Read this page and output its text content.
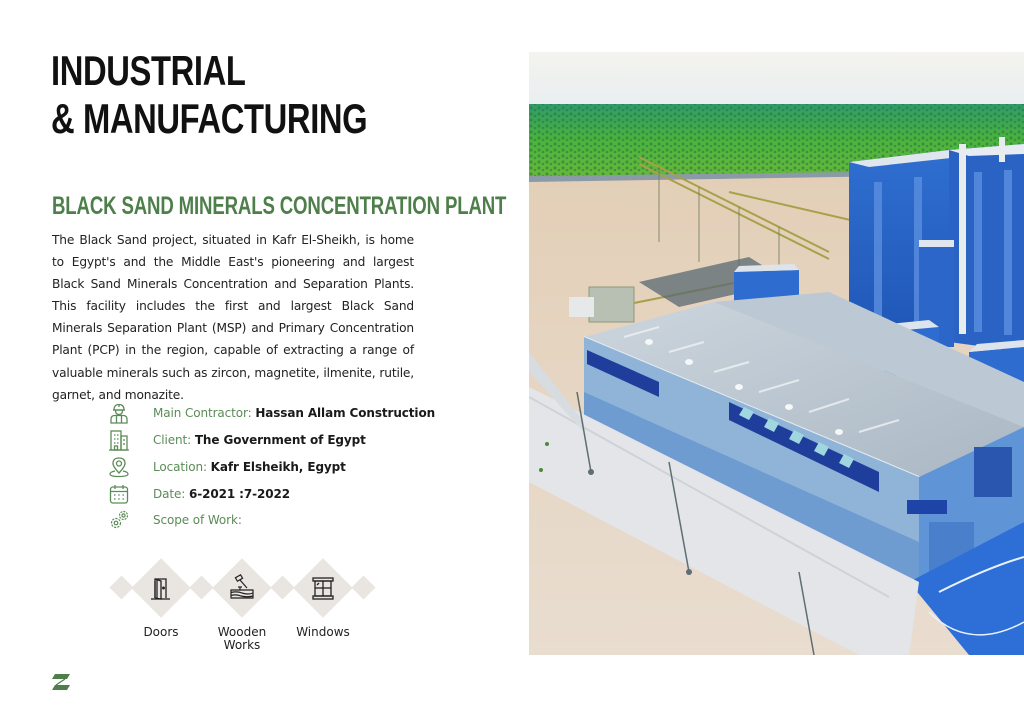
INDUSTRIAL
& MANUFACTURING
BLACK SAND MINERALS CONCENTRATION PLANT

The Black Sand project, situated in Kafr El-Sheikh, is home to Egypt's and the Middle East's pioneering and largest Black Sand Minerals Concentration and Separation Plants. This facility includes the first and largest Black Sand Minerals Separation Plant (MSP) and Primary Concentration Plant (PCP) in the region, capable of extracting a range of valuable minerals such as zircon, magnetite, ilmenite, rutile, garnet, and monazite.

Main Contractor: Hassan Allam Construction
Client: The Government of Egypt
Location: Kafr Elsheikh, Egypt
Date: 6-2021 :7-2022
Scope of Work:
Doors	Wooden
Works
Windows
